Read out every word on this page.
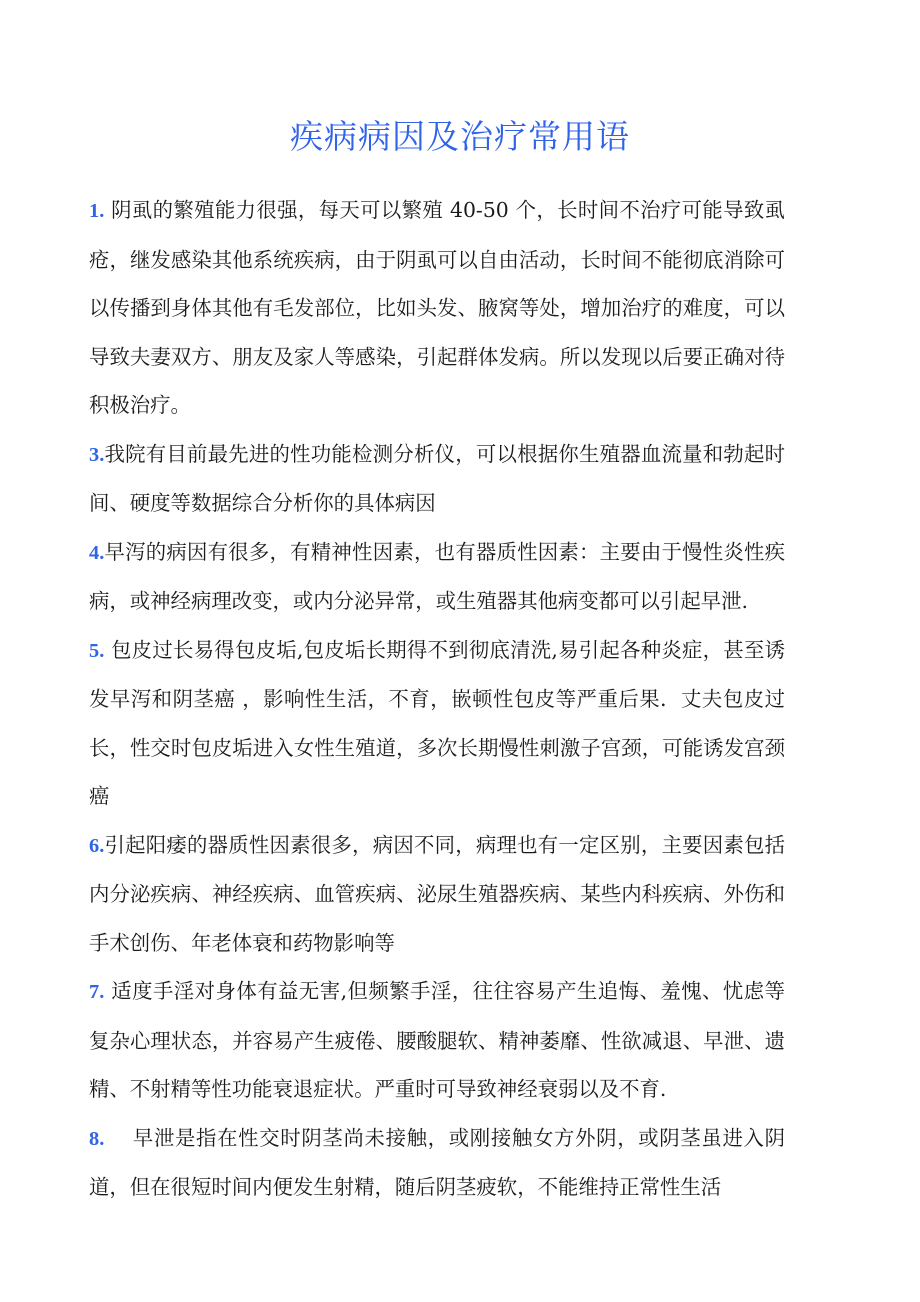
疾病病因及治疗常用语

1. 阴虱的繁殖能力很强，每天可以繁殖 40-50 个，长时间不治疗可能导致虱疮，继发感染其他系统疾病，由于阴虱可以自由活动，长时间不能彻底消除可以传播到身体其他有毛发部位，比如头发、腋窝等处，增加治疗的难度，可以导致夫妻双方、朋友及家人等感染，引起群体发病。所以发现以后要正确对待积极治疗。

3.我院有目前最先进的性功能检测分析仪，可以根据你生殖器血流量和勃起时间、硬度等数据综合分析你的具体病因

4.早泻的病因有很多，有精神性因素，也有器质性因素：主要由于慢性炎性疾病，或神经病理改变，或内分泌异常，或生殖器其他病变都可以引起早泄.

5. 包皮过长易得包皮垢,包皮垢长期得不到彻底清洗,易引起各种炎症，甚至诱发早泻和阴茎癌 ，影响性生活，不育，嵌顿性包皮等严重后果．丈夫包皮过长，性交时包皮垢进入女性生殖道，多次长期慢性刺激子宫颈，可能诱发宫颈癌

6.引起阳痿的器质性因素很多，病因不同，病理也有一定区别，主要因素包括内分泌疾病、神经疾病、血管疾病、泌尿生殖器疾病、某些内科疾病、外伤和手术创伤、年老体衰和药物影响等

7. 适度手淫对身体有益无害,但频繁手淫，往往容易产生追悔、羞愧、忧虑等复杂心理状态，并容易产生疲倦、腰酸腿软、精神萎靡、性欲减退、早泄、遗精、不射精等性功能衰退症状。严重时可导致神经衰弱以及不育.

8.    早泄是指在性交时阴茎尚未接触，或刚接触女方外阴，或阴茎虽进入阴道，但在很短时间内便发生射精，随后阴茎疲软，不能维持正常性生活
